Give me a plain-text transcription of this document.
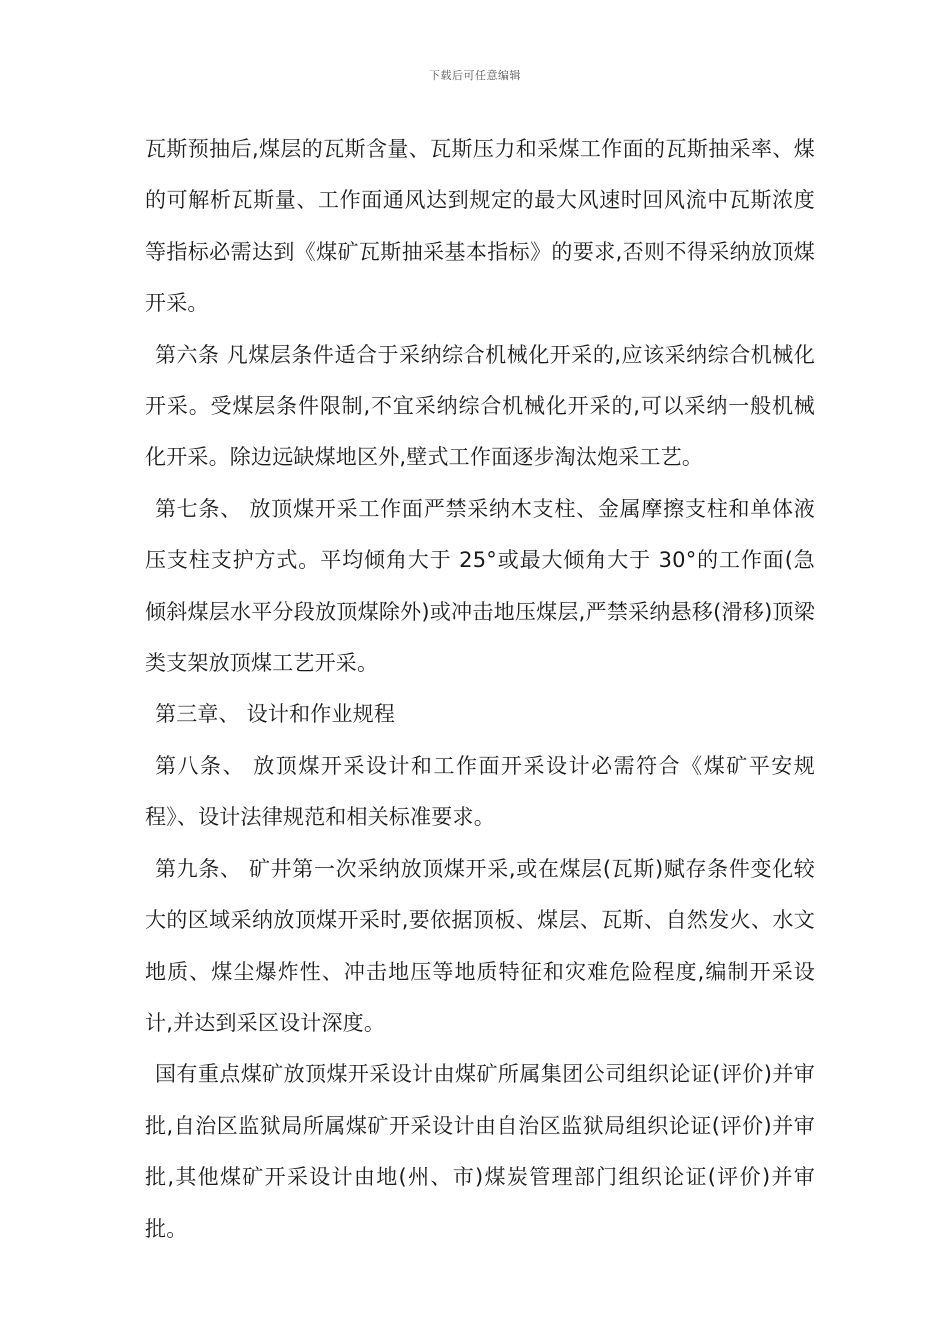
下载后可任意编辑

瓦斯预抽后,煤层的瓦斯含量、瓦斯压力和采煤工作面的瓦斯抽采率、煤的可解析瓦斯量、工作面通风达到规定的最大风速时回风流中瓦斯浓度等指标必需达到《煤矿瓦斯抽采基本指标》的要求,否则不得采纳放顶煤开采。

第六条 凡煤层条件适合于采纳综合机械化开采的,应该采纳综合机械化开采。受煤层条件限制,不宜采纳综合机械化开采的,可以采纳一般机械化开采。除边远缺煤地区外,壁式工作面逐步淘汰炮采工艺。

第七条、 放顶煤开采工作面严禁采纳木支柱、金属摩擦支柱和单体液压支柱支护方式。平均倾角大于 25°或最大倾角大于 30°的工作面(急倾斜煤层水平分段放顶煤除外)或冲击地压煤层,严禁采纳悬移(滑移)顶梁类支架放顶煤工艺开采。

第三章、 设计和作业规程

第八条、 放顶煤开采设计和工作面开采设计必需符合《煤矿平安规程》、设计法律规范和相关标准要求。

第九条、 矿井第一次采纳放顶煤开采,或在煤层(瓦斯)赋存条件变化较大的区域采纳放顶煤开采时,要依据顶板、煤层、瓦斯、自然发火、水文地质、煤尘爆炸性、冲击地压等地质特征和灾难危险程度,编制开采设计,并达到采区设计深度。

国有重点煤矿放顶煤开采设计由煤矿所属集团公司组织论证(评价)并审批,自治区监狱局所属煤矿开采设计由自治区监狱局组织论证(评价)并审批,其他煤矿开采设计由地(州、市)煤炭管理部门组织论证(评价)并审批。
